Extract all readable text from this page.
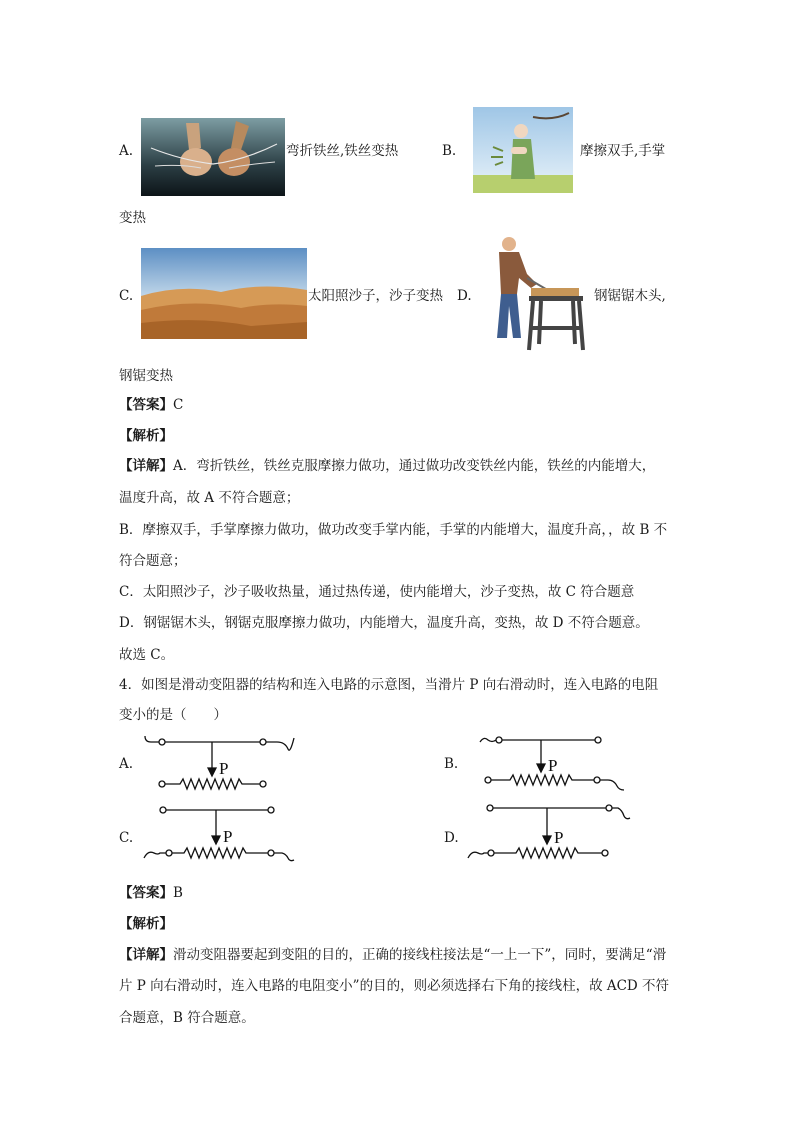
A.	弯折铁丝,铁丝变热	B.	摩擦双手,手掌
变热
C.	太阳照沙子，沙子变热 D.	钢锯锯木头,
钢锯变热
【答案】C
【解析】
【详解】A．弯折铁丝，铁丝克服摩擦力做功，通过做功改变铁丝内能，铁丝的内能增大，
温度升高，故 A 不符合题意；
B．摩擦双手，手掌摩擦力做功，做功改变手掌内能，手掌的内能增大，温度升高，，故 B 不
符合题意；
C．太阳照沙子，沙子吸收热量，通过热传递，使内能增大，沙子变热，故 C 符合题意
D．钢锯锯木头，钢锯克服摩擦力做功，内能增大，温度升高，变热，故 D 不符合题意。
故选 C。
4．如图是滑动变阻器的结构和连入电路的示意图，当滑片 P 向右滑动时，连入电路的电阻
变小的是（　　）
A.	P	B.	P
C.	P	D.	P
【答案】B
【解析】
【详解】滑动变阻器要起到变阻的目的，正确的接线柱接法是“一上一下”，同时，要满足“滑
片 P 向右滑动时，连入电路的电阻变小”的目的，则必须选择右下角的接线柱，故 ACD 不符
合题意，B 符合题意。
